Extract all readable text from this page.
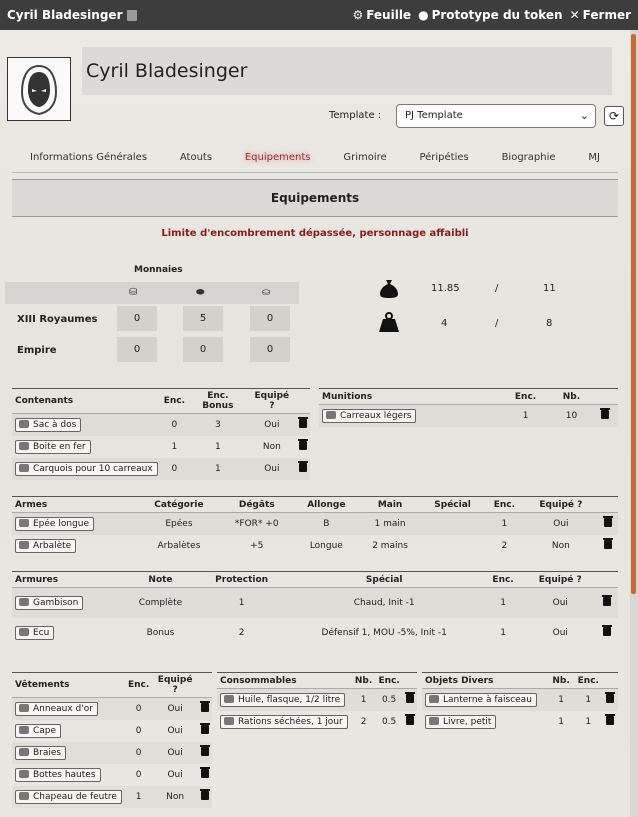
Cyril Bladesinger	⚙ Feuille ● Prototype du token ✕ Fermer
Cyril Bladesinger
Template :	PJ Template	⌄	⟳
Informations Générales	Atouts	Equipements	Grimoire	Péripéties	Biographie	MJ
Equipements
Limite d'encombrement dépassée, personnage affaibli
Monnaies
⛁	⬬	⛀
XIII Royaumes	0	5	0
Empire	0	0	0
11.85	/	11
4	/	8
Contenants	Enc.	Enc. Bonus	Equipé ?	
Sac à dos	0	3	Oui	
Boite en fer	1	1	Non	
Carquois pour 10 carreaux	0	1	Oui	
Munitions	Enc.	Nb.	
Carreaux légers	1	10	
Armes	Catégorie	Dégâts	Allonge	Main	Spécial	Enc.	Equipé ?	
Epée longue	Epées	*FOR* +0	B	1 main		1	Oui	
Arbalète	Arbalètes	+5	Longue	2 mains		2	Non	
Armures	Note	Protection	Spécial	Enc.	Equipé ?	
Gambison	Complète	1	Chaud, Init -1	1	Oui	
Ecu	Bonus	2	Défensif 1, MOU -5%, Init -1	1	Oui	
Vêtements	Enc.	Equipé ?	
Anneaux d'or	0	Oui	
Cape	0	Oui	
Braies	0	Oui	
Bottes hautes	0	Oui	
Chapeau de feutre	1	Non	
Consommables	Nb.	Enc.	
Huile, flasque, 1/2 litre	1	0.5	
Rations séchées, 1 jour	2	0.5	
Objets Divers	Nb.	Enc.	
Lanterne à faisceau	1	1	
Livre, petit	1	1	
